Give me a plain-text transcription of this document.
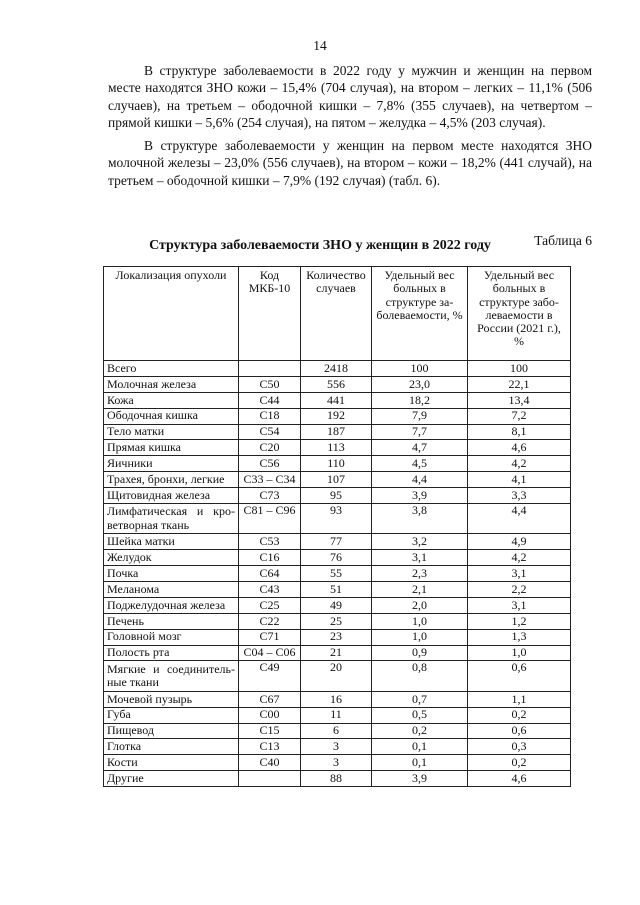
14

В структуре заболеваемости в 2022 году у мужчин и женщин на первом месте находятся ЗНО кожи – 15,4% (704 случая), на втором – легких – 11,1% (506 случаев), на третьем – ободочной кишки – 7,8% (355 случаев), на четвертом – прямой кишки – 5,6% (254 случая), на пятом – желудка – 4,5% (203 случая).

В структуре заболеваемости у женщин на первом месте находятся ЗНО молочной железы – 23,0% (556 случаев), на втором – кожи – 18,2% (441 случай), на третьем – ободочной кишки – 7,9% (192 случая) (табл. 6).

Таблица 6
Структура заболеваемости ЗНО у женщин в 2022 году
Локализация опухоли	Код МКБ-10	Количество случаев	Удельный вес больных в структуре заболеваемости, %	Удельный вес больных в структуре заболеваемости в России (2021 г.), %
Всего		2418	100	100
Молочная железа	С50	556	23,0	22,1
Кожа	С44	441	18,2	13,4
Ободочная кишка	С18	192	7,9	7,2
Тело матки	С54	187	7,7	8,1
Прямая кишка	С20	113	4,7	4,6
Яичники	С56	110	4,5	4,2
Трахея, бронхи, легкие	С33 – С34	107	4,4	4,1
Щитовидная железа	С73	95	3,9	3,3
Лимфатическая и кроветворная ткань	С81 – С96	93	3,8	4,4
Шейка матки	С53	77	3,2	4,9
Желудок	С16	76	3,1	4,2
Почка	С64	55	2,3	3,1
Меланома	С43	51	2,1	2,2
Поджелудочная железа	С25	49	2,0	3,1
Печень	С22	25	1,0	1,2
Головной мозг	С71	23	1,0	1,3
Полость рта	С04 – С06	21	0,9	1,0
Мягкие и соединительные ткани	С49	20	0,8	0,6
Мочевой пузырь	С67	16	0,7	1,1
Губа	С00	11	0,5	0,2
Пищевод	С15	6	0,2	0,6
Глотка	С13	3	0,1	0,3
Кости	С40	3	0,1	0,2
Другие		88	3,9	4,6
